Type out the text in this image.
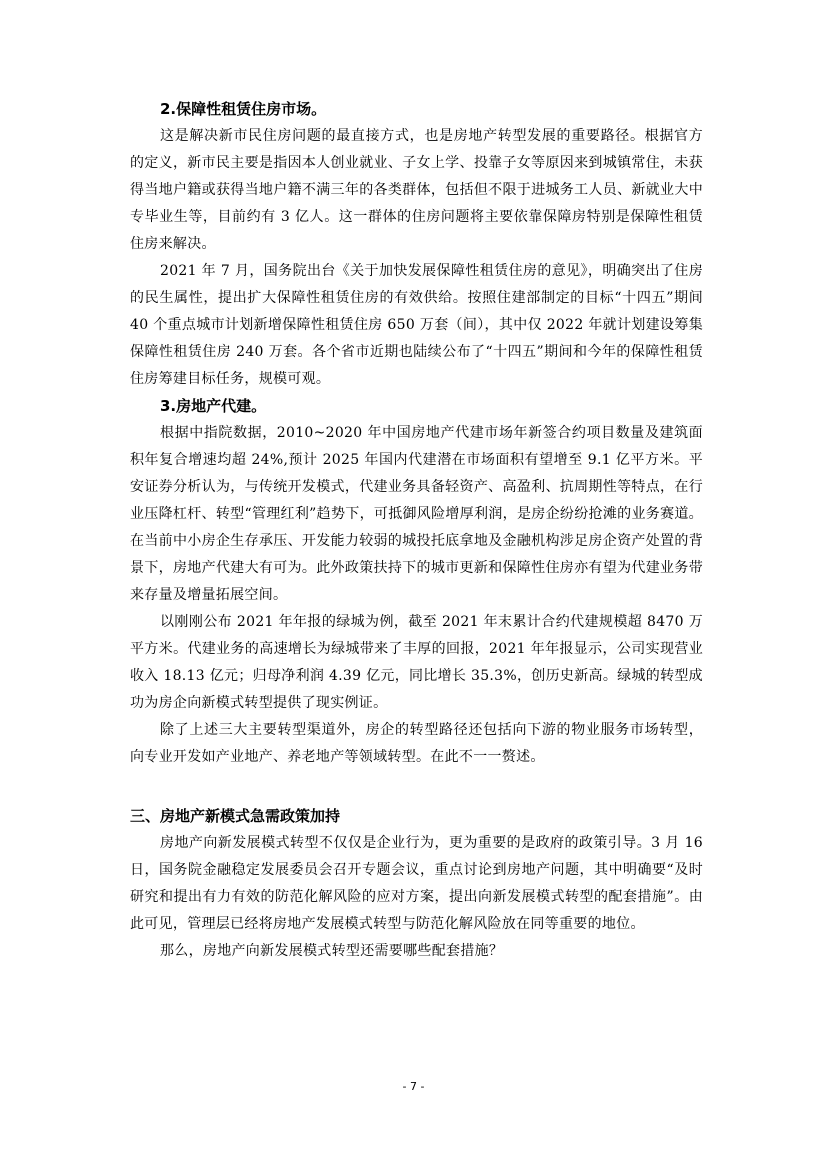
2.保障性租赁住房市场。

这是解决新市民住房问题的最直接方式，也是房地产转型发展的重要路径。根据官方的定义，新市民主要是指因本人创业就业、子女上学、投靠子女等原因来到城镇常住，未获得当地户籍或获得当地户籍不满三年的各类群体，包括但不限于进城务工人员、新就业大中专毕业生等，目前约有 3 亿人。这一群体的住房问题将主要依靠保障房特别是保障性租赁住房来解决。

2021 年 7 月，国务院出台《关于加快发展保障性租赁住房的意见》，明确突出了住房的民生属性，提出扩大保障性租赁住房的有效供给。按照住建部制定的目标“十四五”期间 40 个重点城市计划新增保障性租赁住房 650 万套（间），其中仅 2022 年就计划建设筹集保障性租赁住房 240 万套。各个省市近期也陆续公布了“十四五”期间和今年的保障性租赁住房筹建目标任务，规模可观。

3.房地产代建。

根据中指院数据，2010~2020 年中国房地产代建市场年新签合约项目数量及建筑面积年复合增速均超 24%,预计 2025 年国内代建潜在市场面积有望增至 9.1 亿平方米。平安证券分析认为，与传统开发模式，代建业务具备轻资产、高盈利、抗周期性等特点，在行业压降杠杆、转型“管理红利”趋势下，可抵御风险增厚利润，是房企纷纷抢滩的业务赛道。在当前中小房企生存承压、开发能力较弱的城投托底拿地及金融机构涉足房企资产处置的背景下，房地产代建大有可为。此外政策扶持下的城市更新和保障性住房亦有望为代建业务带来存量及增量拓展空间。

以刚刚公布 2021 年年报的绿城为例，截至 2021 年末累计合约代建规模超 8470 万平方米。代建业务的高速增长为绿城带来了丰厚的回报，2021 年年报显示，公司实现营业收入 18.13 亿元；归母净利润 4.39 亿元，同比增长 35.3%，创历史新高。绿城的转型成功为房企向新模式转型提供了现实例证。

除了上述三大主要转型渠道外，房企的转型路径还包括向下游的物业服务市场转型，向专业开发如产业地产、养老地产等领域转型。在此不一一赘述。

三、房地产新模式急需政策加持

房地产向新发展模式转型不仅仅是企业行为，更为重要的是政府的政策引导。3 月 16 日，国务院金融稳定发展委员会召开专题会议，重点讨论到房地产问题，其中明确要“及时研究和提出有力有效的防范化解风险的应对方案，提出向新发展模式转型的配套措施”。由此可见，管理层已经将房地产发展模式转型与防范化解风险放在同等重要的地位。

那么，房地产向新发展模式转型还需要哪些配套措施？

- 7 -
